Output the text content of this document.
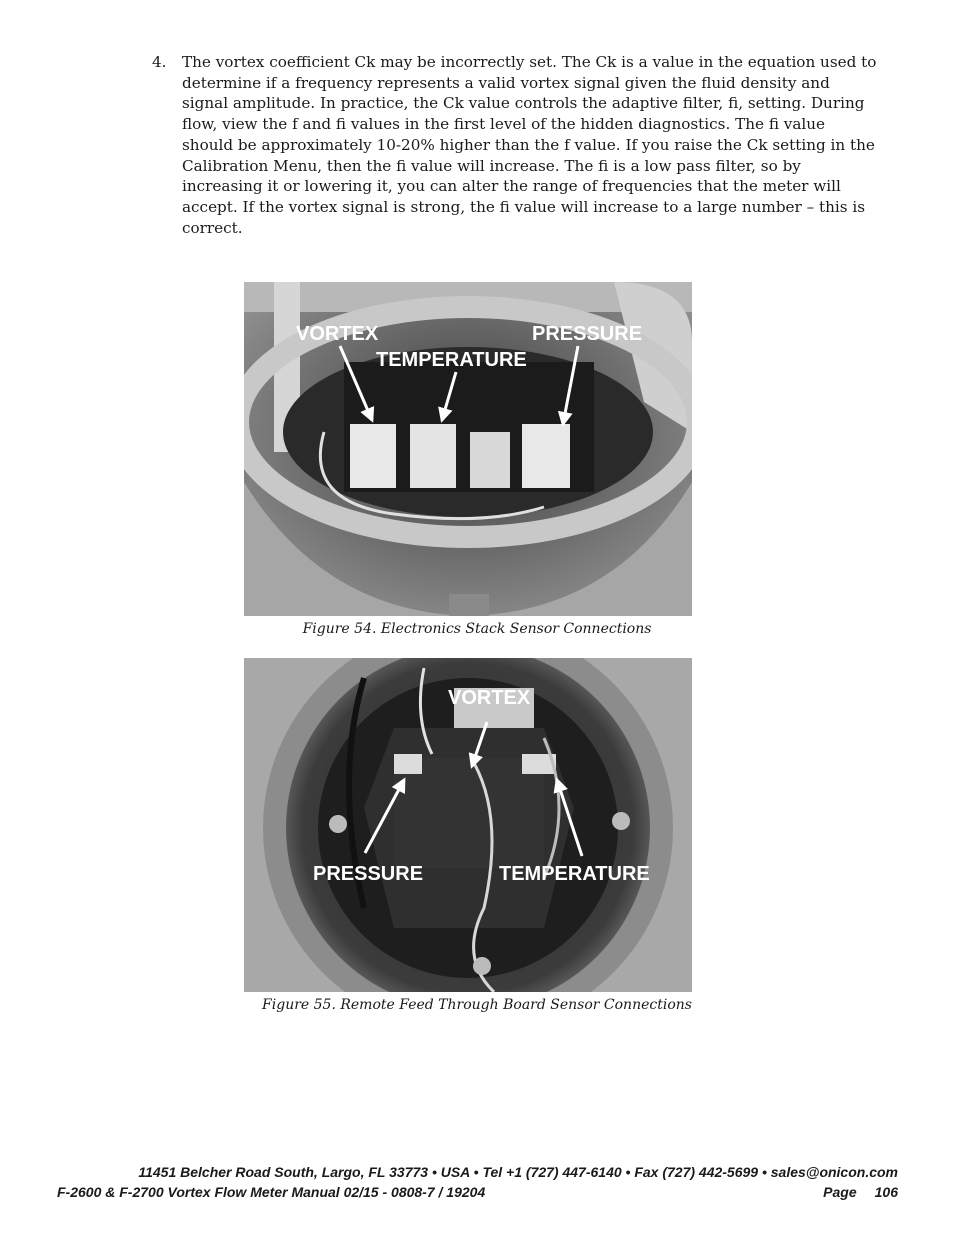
4. The vortex coefficient Ck may be incorrectly set. The Ck is a value in the equation used to determine if a frequency represents a valid vortex signal given the fluid density and signal amplitude. In practice, the Ck value controls the adaptive filter, fi, setting. During flow, view the f and fi values in the first level of the hidden diagnostics. The fi value should be approximately 10-20% higher than the f value. If you raise the Ck setting in the Calibration Menu, then the fi value will increase. The fi is a low pass filter, so by increasing it or lowering it, you can alter the range of frequencies that the meter will accept. If the vortex signal is strong, the fi value will increase to a large number – this is correct.
VORTEX
TEMPERATURE
PRESSURE
Figure 54. Electronics Stack Sensor Connections
VORTEX
PRESSURE	TEMPERATURE
Figure 55. Remote Feed Through Board Sensor Connections
11451 Belcher Road South, Largo, FL 33773 • USA • Tel +1 (727) 447-6140 • Fax (727) 442-5699 • sales@onicon.com
F-2600 & F-2700 Vortex Flow Meter Manual 02/15 - 0808-7 / 19204	Page 106
